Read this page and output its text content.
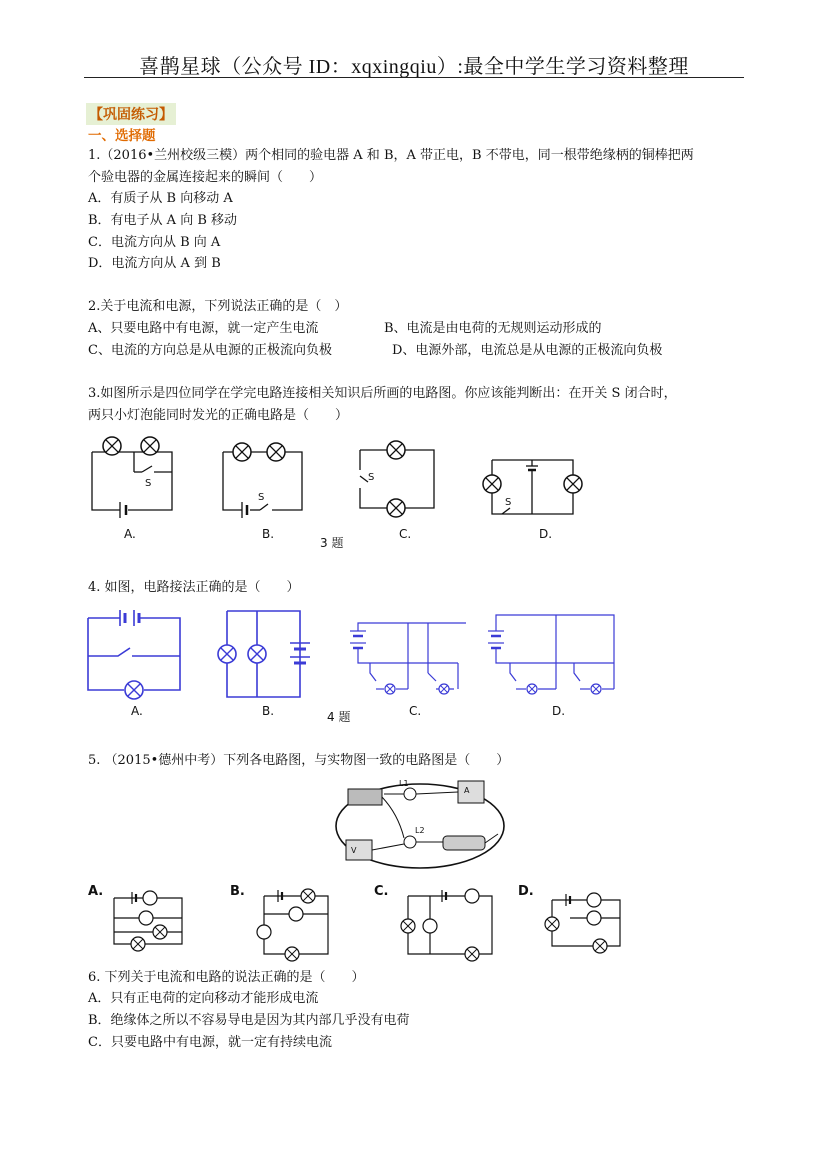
喜鹊星球（公众号 ID：xqxingqiu）:最全中学生学习资料整理
【巩固练习】
一、选择题
1.（2016•兰州校级三模）两个相同的验电器 A 和 B，A 带正电，B 不带电，同一根带绝缘柄的铜棒把两
个验电器的金属连接起来的瞬间（　　）
A．有质子从 B 向移动 A
B．有电子从 A 向 B 移动
C．电流方向从 B 向 A
D．电流方向从 A 到 B
2.关于电流和电源，下列说法正确的是（　）
A、只要电路中有电源，就一定产生电流	B、电流是由电荷的无规则运动形成的
C、电流的方向总是从电源的正极流向负极	D、电源外部，电流总是从电源的正极流向负极
3.如图所示是四位同学在学完电路连接相关知识后所画的电路图。你应该能判断出：在开关 S 闭合时，
两只小灯泡能同时发光的正确电路是（　　）
S
S
S
S
A.	B.
3 题
C.	D.
4. 如图，电路接法正确的是（　　）
A.	B.	4 题	C.	D.
5. （2015•德州中考）下列各电路图，与实物图一致的电路图是（　　）
L1
L2
A
V
A.	B.	C.	D.
6. 下列关于电流和电路的说法正确的是（　　）
A．只有正电荷的定向移动才能形成电流
B．绝缘体之所以不容易导电是因为其内部几乎没有电荷
C．只要电路中有电源，就一定有持续电流
